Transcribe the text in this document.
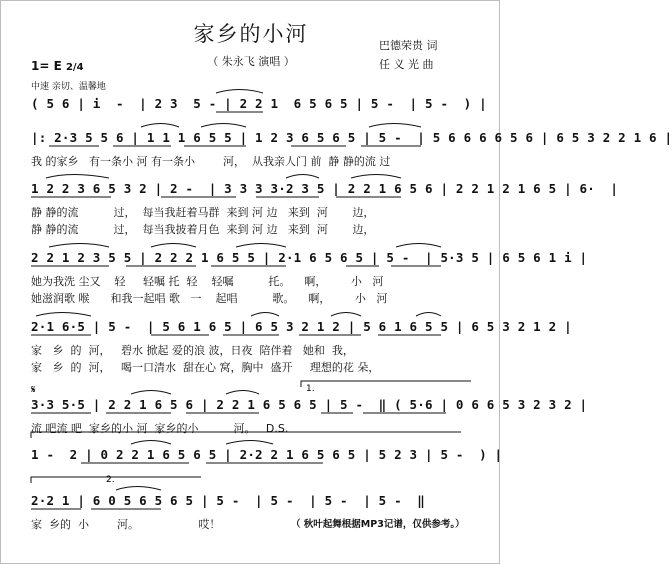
家乡的小河
（ 朱永飞 演唱 ）
巴德荣贵 词
任 义 光 曲
1= E 2/4
中速 亲切、温馨地
( 5 6 | i  -  | 2 3  5 - | 2 2 1  6 5 6 5 | 5 -  | 5 -  ) |
|: 2·3 5 5 6 | 1 1 1 6 5 5 | 1 2 3 6 5 6 5 | 5 -  | 5 6 6 6 6 5 6 | 6 5 3 2 2 1 6 |
我 的家乡   有一条小 河 有一条小        河，  从我亲人门 前  静 静的流 过
1 2 2 3 6 5 3 2 | 2 -  | 3 3 3 3·2 3 5 | 2 2 1 6 5 6 | 2 2 1 2 1 6 5 | 6·  |
静 静的流          过，  每当我赶着马群  来到 河 边   来到  河       边，
静 静的流          过，  每当我披着月色  来到 河 边   来到  河       边，
2 2 1 2 3 5 5 | 2 2 2 1 6 5 5 | 2·1 6 5 6 5 | 5 -  | 5·3 5 | 6 5 6 1 i |
她为我洗 尘又    轻     轻嘱 托  轻    轻嘱          托。    啊，       小   河
她滋润歌 喉      和我一起唱 歌   一    起唱          歌。    啊，       小   河
2·1 6·5 | 5 -  | 5 6 1 6 5 | 6 5 3 2 1 2 | 5 6 1 6 5 5 | 6 5 3 2 1 2 |
家   乡  的  河，   碧水 掀起 爱的浪 波，日夜  陪伴着   她和  我，
家   乡  的  河，   喝一口清水  甜在心 窝，胸中  盛开     理想的花 朵，
3·3 5·5 | 2 2 1 6 5 6 | 2 2 1 6 5 6 5 | 5 -  ‖ ( 5·6 | 0 6 6 5 3 2 3 2 |
流 吧流 吧  家乡的小 河  家乡的小          河。   D.S.
1 -  2 | 0 2 2 1 6 5 6 5 | 2·2 2 1 6 5 6 5 | 5 2 3 | 5 -  ) |
2·2 1 | 6 0 5 6 5 6 5 | 5 -  | 5 -  | 5 -  | 5 -  ‖
家  乡的  小        河。                 哎！	（ 秋叶起舞根据MP3记谱，仅供参考。）
1.
2.
𝄋
